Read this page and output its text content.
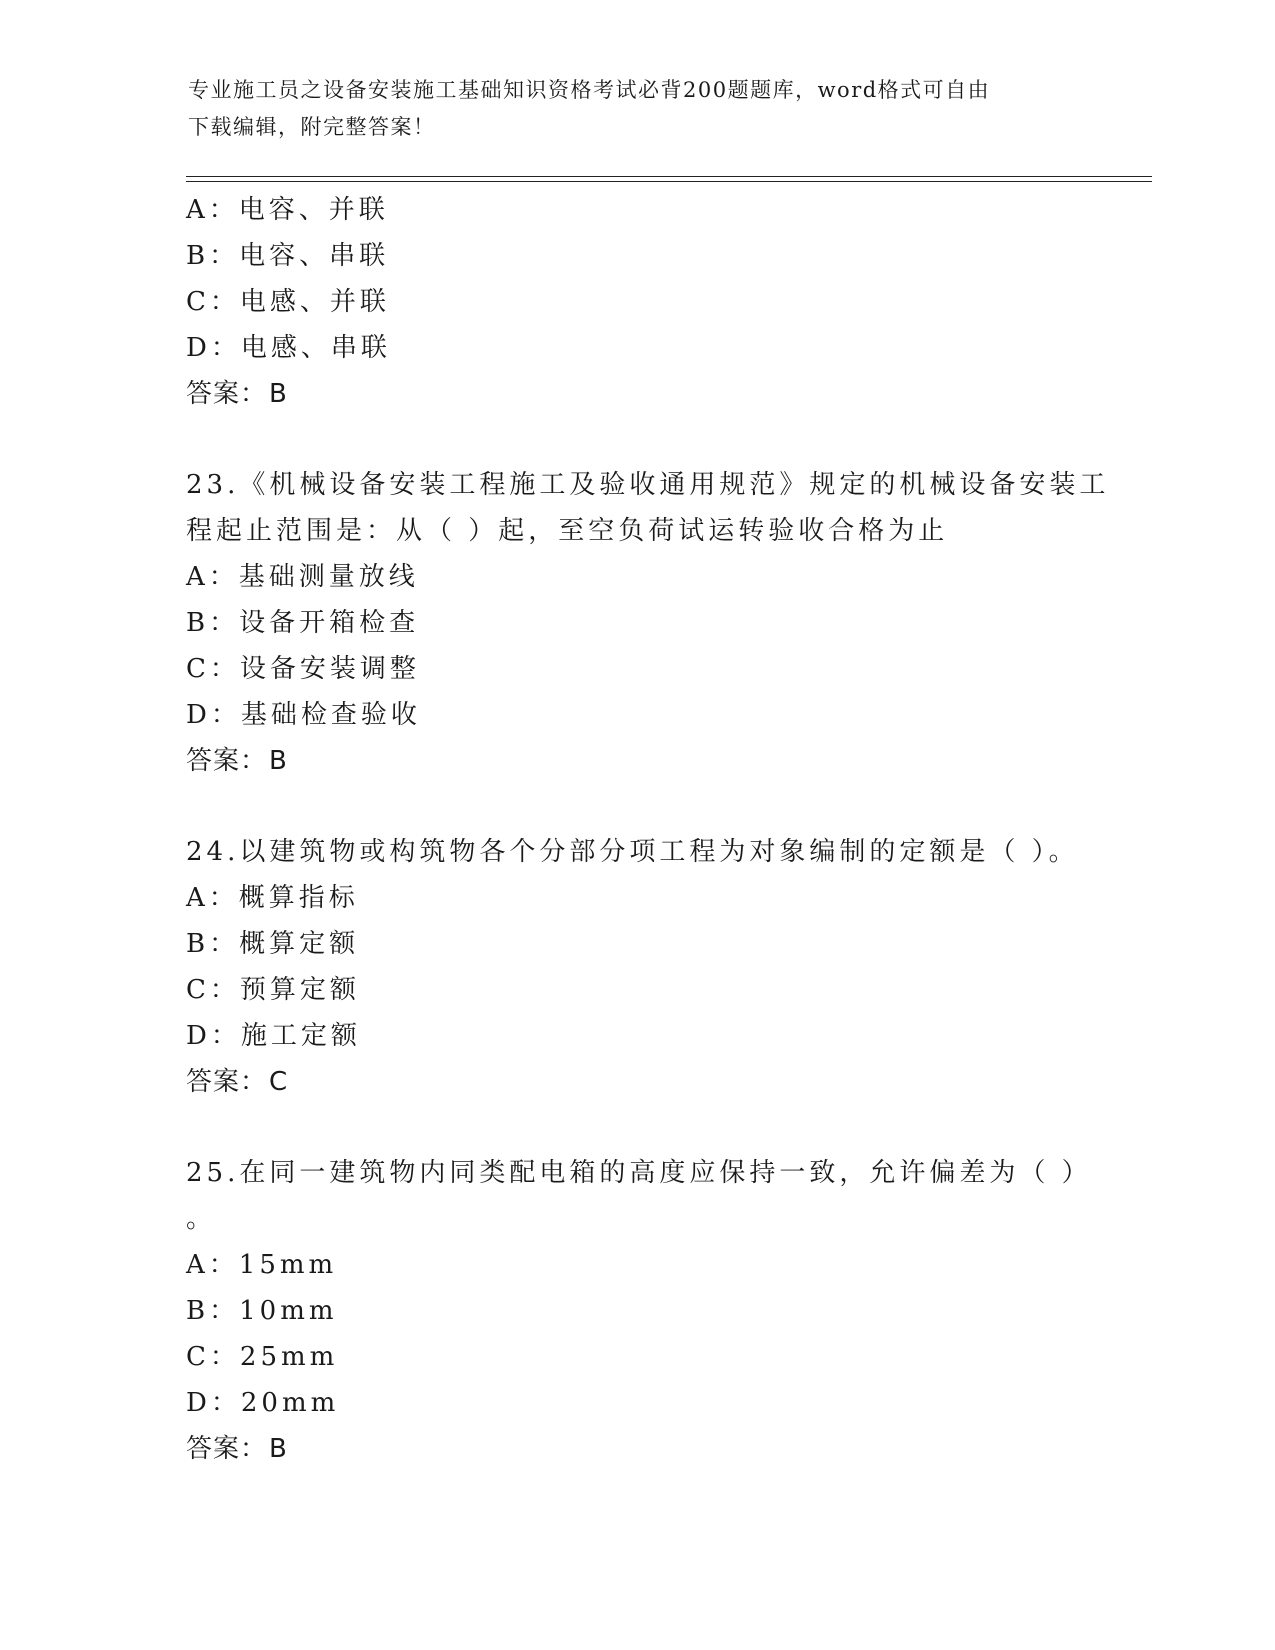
专业施工员之设备安装施工基础知识资格考试必背200题题库，word格式可自由
下载编辑，附完整答案！
A：电容、并联
B：电容、串联
C：电感、并联
D：电感、串联
答案：B
23.《机械设备安装工程施工及验收通用规范》规定的机械设备安装工
程起止范围是：从（ ）起，至空负荷试运转验收合格为止
A：基础测量放线
B：设备开箱检查
C：设备安装调整
D：基础检查验收
答案：B
24.以建筑物或构筑物各个分部分项工程为对象编制的定额是（ ）。
A：概算指标
B：概算定额
C：预算定额
D：施工定额
答案：C
25.在同一建筑物内同类配电箱的高度应保持一致，允许偏差为（ ）
。
A：15mm
B：10mm
C：25mm
D：20mm
答案：B
